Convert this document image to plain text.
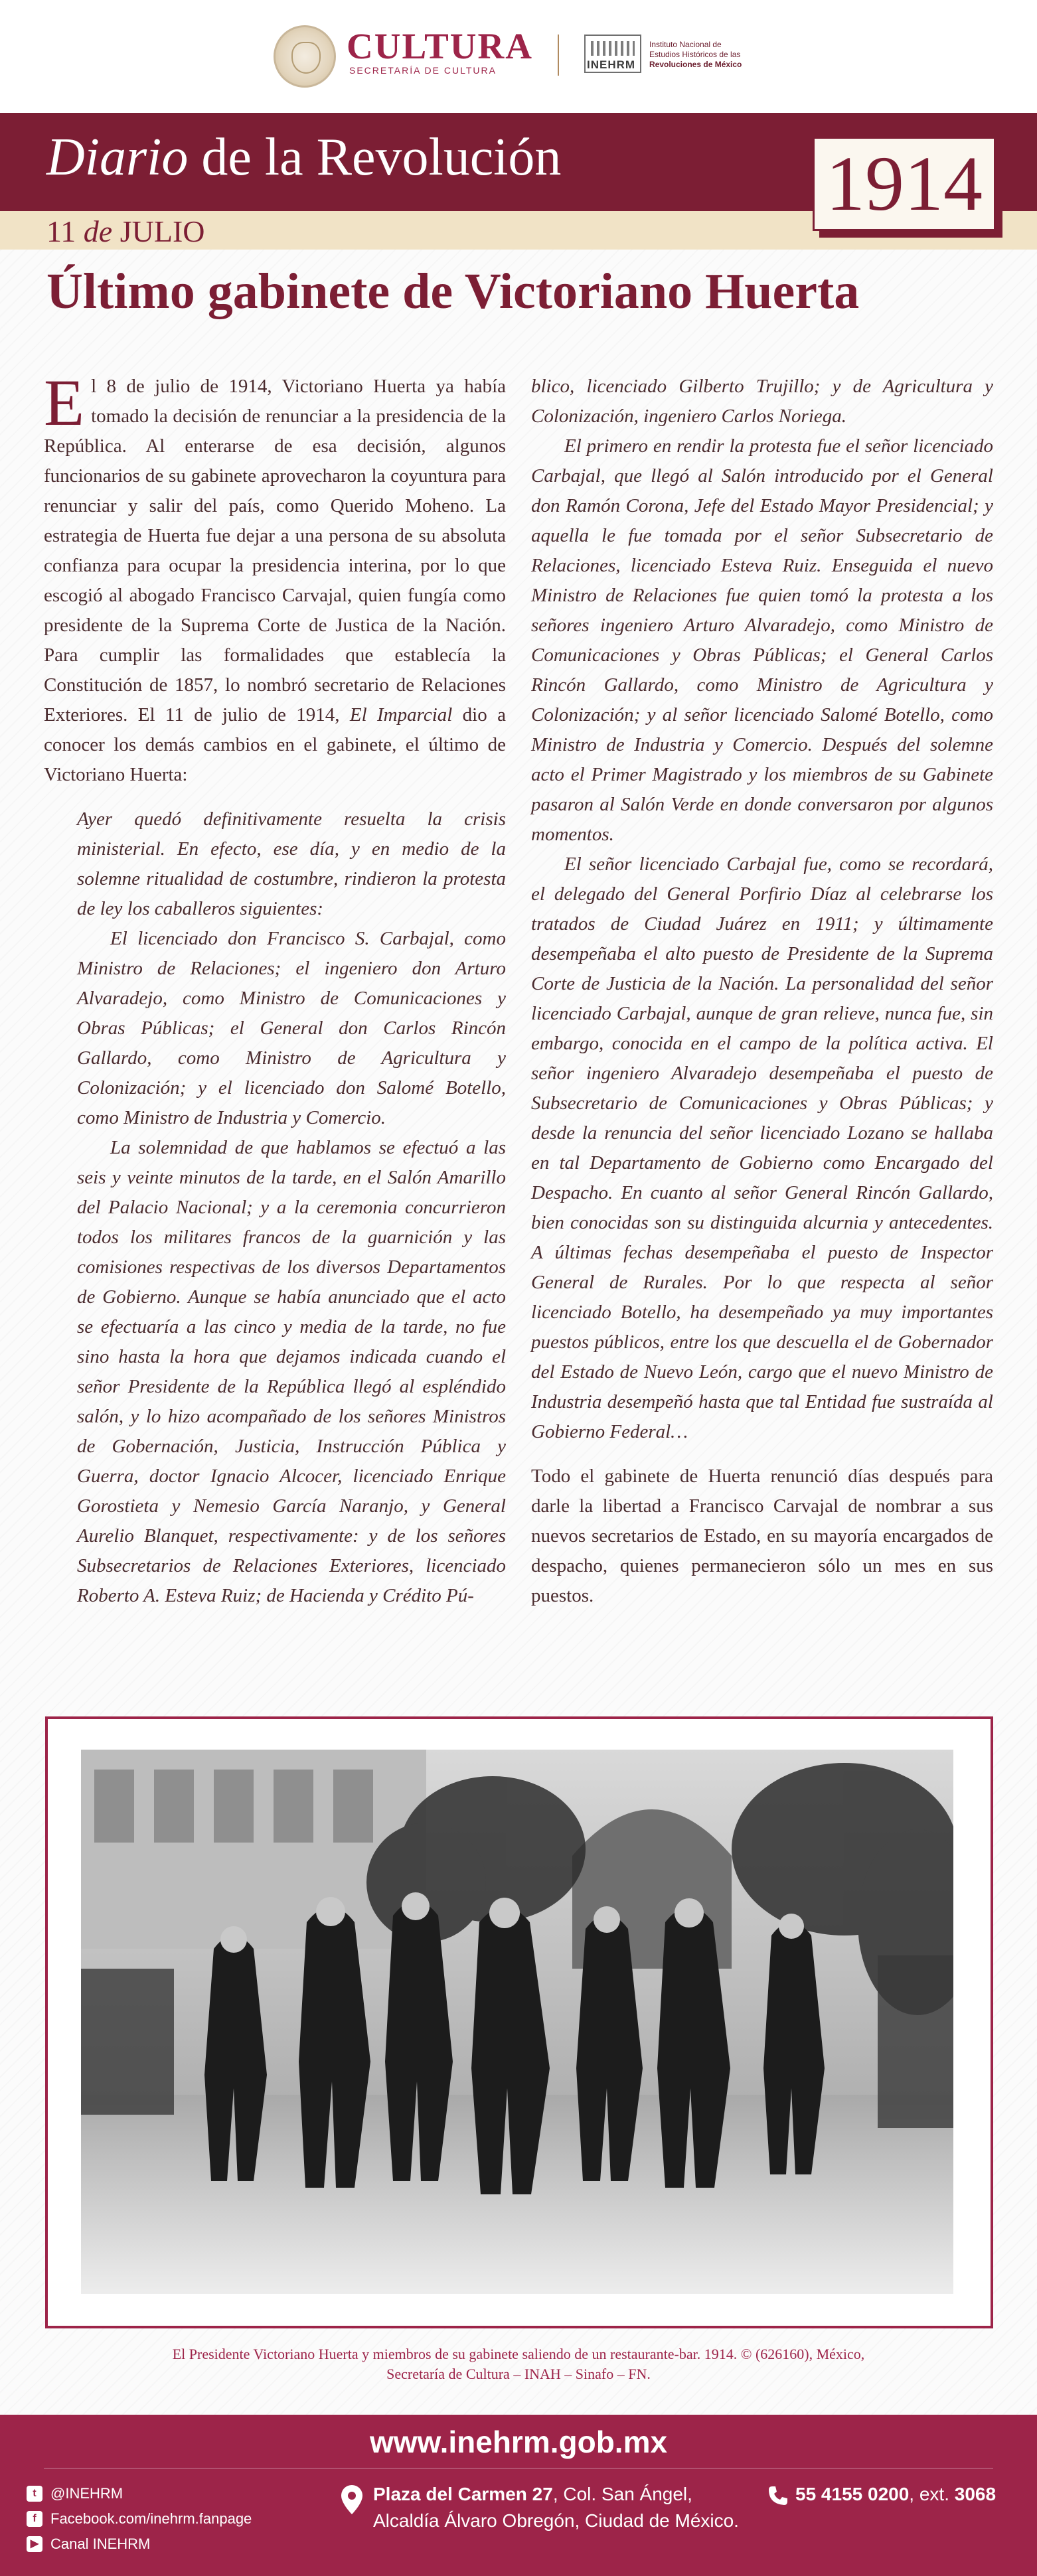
CULTURA
SECRETARÍA DE CULTURA	INEHRM
Instituto Nacional de
Estudios Históricos de las
Revoluciones de México
Diario de la Revolución
11 de JULIO
1914
Último gabinete de Victoriano Huerta

El 8 de julio de 1914, Victoriano Huerta ya había tomado la decisión de renunciar a la presidencia de la República. Al enterarse de esa decisión, algunos funcionarios de su gabinete aprovecharon la coyuntura para renunciar y salir del país, como Querido Moheno. La estrategia de Huerta fue dejar a una persona de su absoluta confianza para ocupar la presidencia interina, por lo que escogió al abogado Francisco Carvajal, quien fungía como presidente de la Suprema Corte de Justica de la Nación. Para cumplir las formalidades que establecía la Constitución de 1857, lo nombró secretario de Relaciones Exteriores. El 11 de julio de 1914, El Imparcial dio a conocer los demás cambios en el gabinete, el último de Victoriano Huerta:

Ayer quedó definitivamente resuelta la crisis ministerial. En efecto, ese día, y en medio de la solemne ritualidad de costumbre, rindieron la protesta de ley los caballeros siguientes:

El licenciado don Francisco S. Carbajal, como Ministro de Relaciones; el ingeniero don Arturo Alvaradejo, como Ministro de Comunicaciones y Obras Públicas; el General don Carlos Rincón Gallardo, como Ministro de Agricultura y Colonización; y el licenciado don Salomé Botello, como Ministro de Industria y Comercio.

La solemnidad de que hablamos se efectuó a las seis y veinte minutos de la tarde, en el Salón Amarillo del Palacio Nacional; y a la ceremonia concurrieron todos los militares francos de la guarnición y las comisiones respectivas de los diversos Departamentos de Gobierno. Aunque se había anunciado que el acto se efectuaría a las cinco y media de la tarde, no fue sino hasta la hora que dejamos indicada cuando el señor Presidente de la República llegó al espléndido salón, y lo hizo acompañado de los señores Ministros de Gobernación, Justicia, Instrucción Pública y Guerra, doctor Ignacio Alcocer, licenciado Enrique Gorostieta y Nemesio García Naranjo, y General Aurelio Blanquet, respectivamente: y de los señores Subsecretarios de Relaciones Exteriores, licenciado Roberto A. Esteva Ruiz; de Hacienda y Crédito Pú-

blico, licenciado Gilberto Trujillo; y de Agricultura y Colonización, ingeniero Carlos Noriega.

El primero en rendir la protesta fue el señor licenciado Carbajal, que llegó al Salón introducido por el General don Ramón Corona, Jefe del Estado Mayor Presidencial; y aquella le fue tomada por el señor Subsecretario de Relaciones, licenciado Esteva Ruiz. Enseguida el nuevo Ministro de Relaciones fue quien tomó la protesta a los señores ingeniero Arturo Alvaradejo, como Ministro de Comunicaciones y Obras Públicas; el General Carlos Rincón Gallardo, como Ministro de Agricultura y Colonización; y al señor licenciado Salomé Botello, como Ministro de Industria y Comercio. Después del solemne acto el Primer Magistrado y los miembros de su Gabinete pasaron al Salón Verde en donde conversaron por algunos momentos.

El señor licenciado Carbajal fue, como se recordará, el delegado del General Porfirio Díaz al celebrarse los tratados de Ciudad Juárez en 1911; y últimamente desempeñaba el alto puesto de Presidente de la Suprema Corte de Justicia de la Nación. La personalidad del señor licenciado Carbajal, aunque de gran relieve, nunca fue, sin embargo, conocida en el campo de la política activa. El señor ingeniero Alvaradejo desempeñaba el puesto de Subsecretario de Comunicaciones y Obras Públicas; y desde la renuncia del señor licenciado Lozano se hallaba en tal Departamento de Gobierno como Encargado del Despacho. En cuanto al señor General Rincón Gallardo, bien conocidas son su distinguida alcurnia y antecedentes. A últimas fechas desempeñaba el puesto de Inspector General de Rurales. Por lo que respecta al señor licenciado Botello, ha desempeñado ya muy importantes puestos públicos, entre los que descuella el de Gobernador del Estado de Nuevo León, cargo que el nuevo Ministro de Industria desempeñó hasta que tal Entidad fue sustraída al Gobierno Federal…

Todo el gabinete de Huerta renunció días después para darle la libertad a Francisco Carvajal de nombrar a sus nuevos secretarios de Estado, en su mayoría encargados de despacho, quienes permanecieron sólo un mes en sus puestos.

El Presidente Victoriano Huerta y miembros de su gabinete saliendo de un restaurante-bar. 1914. © (626160), México,
Secretaría de Cultura – INAH – Sinafo – FN.
www.inehrm.gob.mx
t @INEHRM
f Facebook.com/inehrm.fanpage
▶ Canal INEHRM
Plaza del Carmen 27, Col. San Ángel,
Alcaldía Álvaro Obregón, Ciudad de México.
55 4155 0200, ext. 3068
